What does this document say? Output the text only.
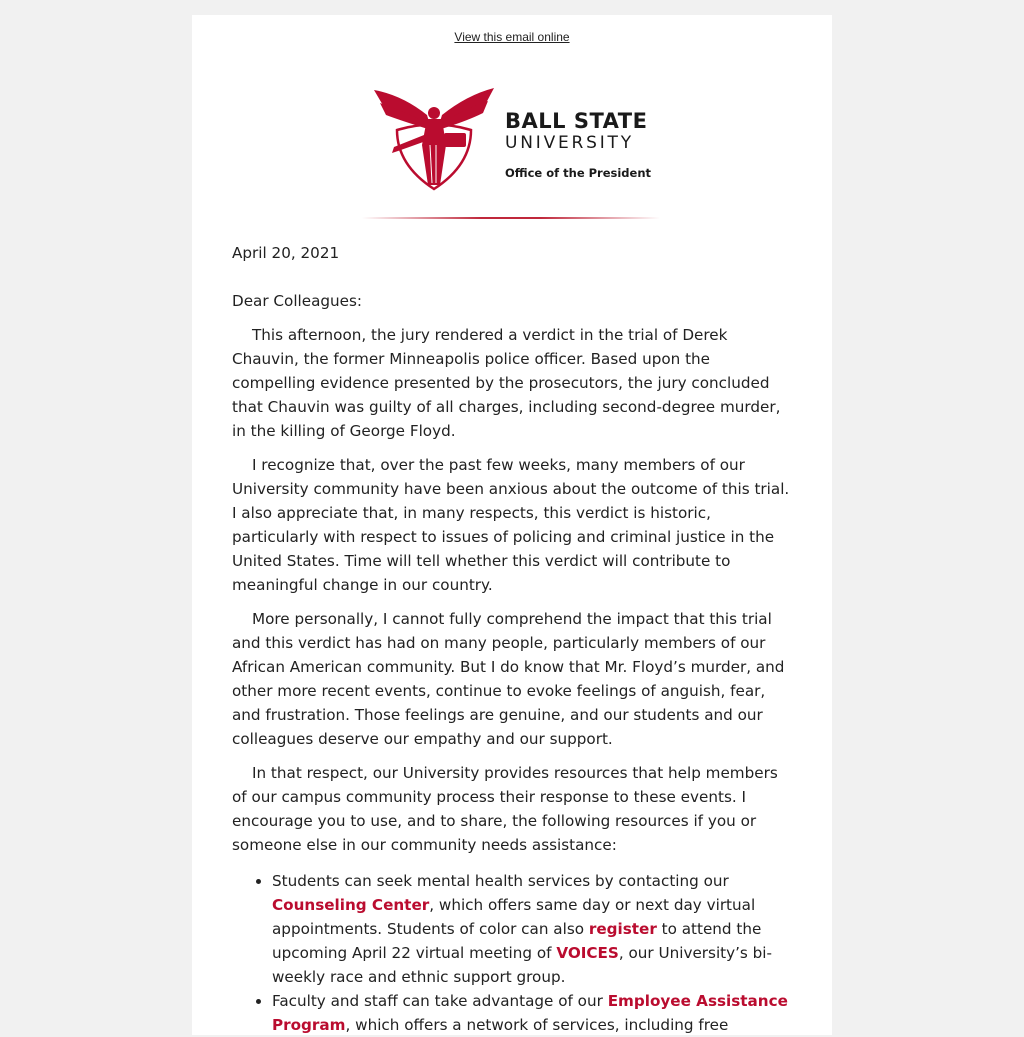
View this email online
BALL STATE
UNIVERSITY
Office of the President

April 20, 2021

Dear Colleagues:

This afternoon, the jury rendered a verdict in the trial of Derek Chauvin, the former Minneapolis police officer. Based upon the compelling evidence presented by the prosecutors, the jury concluded that Chauvin was guilty of all charges, including second-degree murder, in the killing of George Floyd.

I recognize that, over the past few weeks, many members of our University community have been anxious about the outcome of this trial. I also appreciate that, in many respects, this verdict is historic, particularly with respect to issues of policing and criminal justice in the United States. Time will tell whether this verdict will contribute to meaningful change in our country.

More personally, I cannot fully comprehend the impact that this trial and this verdict has had on many people, particularly members of our African American community. But I do know that Mr. Floyd’s murder, and other more recent events, continue to evoke feelings of anguish, fear, and frustration. Those feelings are genuine, and our students and our colleagues deserve our empathy and our support.

In that respect, our University provides resources that help members of our campus community process their response to these events. I encourage you to use, and to share, the following resources if you or someone else in our community needs assistance:

• Students can seek mental health services by contacting our Counseling Center, which offers same day or next day virtual appointments. Students of color can also register to attend the upcoming April 22 virtual meeting of VOICES, our University’s bi-weekly race and ethnic support group.
• Faculty and staff can take advantage of our Employee Assistance Program, which offers a network of services, including free
